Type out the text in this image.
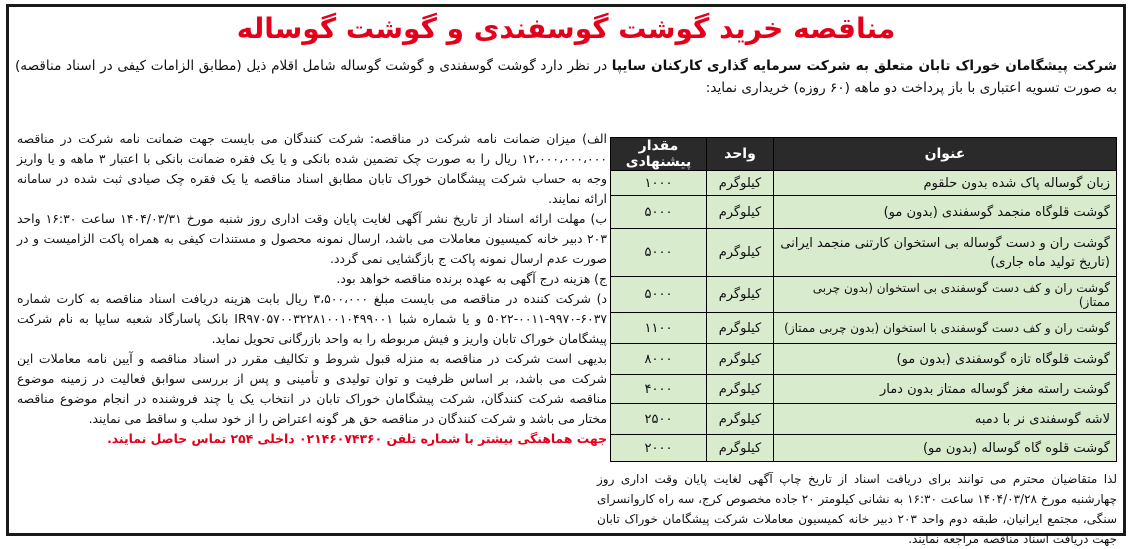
مناقصه خرید گوشت گوسفندی و گوشت گوساله
شرکت پیشگامان خوراک تابان متعلق به شرکت سرمایه گذاری کارکنان سایپا در نظر دارد گوشت گوسفندی و گوشت گوساله شامل اقلام ذیل (مطابق الزامات کیفی در اسناد مناقصه) به صورت تسویه اعتباری با باز پرداخت دو ماهه (۶۰ روزه) خریداری نماید:
عنوان	واحد	مقدار پیشنهادی
زبان گوساله پاک شده بدون حلقوم	کیلوگرم	۱۰۰۰
گوشت قلوگاه منجمد گوسفندی (بدون مو)	کیلوگرم	۵۰۰۰
گوشت ران و دست گوساله بی استخوان کارتنی منجمد ایرانی (تاریخ تولید ماه جاری)	کیلوگرم	۵۰۰۰
گوشت ران و کف دست گوسفندی بی استخوان (بدون چربی ممتاز)	کیلوگرم	۵۰۰۰
گوشت ران و کف دست گوسفندی با استخوان (بدون چربی ممتاز)	کیلوگرم	۱۱۰۰
گوشت قلوگاه تازه گوسفندی (بدون مو)	کیلوگرم	۸۰۰۰
گوشت راسته مغز گوساله ممتاز بدون دمار	کیلوگرم	۴۰۰۰
لاشه گوسفندی نر با دمبه	کیلوگرم	۲۵۰۰
گوشت قلوه گاه گوساله (بدون مو)	کیلوگرم	۲۰۰۰
الف) میزان ضمانت نامه شرکت در مناقصه: شرکت کنندگان می بایست جهت ضمانت نامه شرکت در مناقصه ۱۲،۰۰۰،۰۰۰،۰۰۰ ریال را به صورت چک تضمین شده بانکی و یا یک فقره ضمانت بانکی با اعتبار ۳ ماهه و یا واریز وجه به حساب شرکت پیشگامان خوراک تابان مطابق اسناد مناقصه یا یک فقره چک صیادی ثبت شده در سامانه ارائه نمایند.
ب) مهلت ارائه اسناد از تاریخ نشر آگهی لغایت پایان وقت اداری روز شنبه مورخ ۱۴۰۴/۰۳/۳۱ ساعت ۱۶:۳۰ واحد ۲۰۳ دبیر خانه کمیسیون معاملات می باشد، ارسال نمونه محصول و مستندات کیفی به همراه پاکت الزامیست و در صورت عدم ارسال نمونه پاکت ج بازگشایی نمی گردد.
ج) هزینه درج آگهی به عهده برنده مناقصه خواهد بود.
د) شرکت کننده در مناقصه می بایست مبلغ ۳،۵۰۰،۰۰۰ ریال بابت هزینه دریافت اسناد مناقصه به کارت شماره ۶۰۳۷-۹۹۷۰-۰۰۱۱-۵۰۲۲ و یا شماره شبا IR۹۷۰۵۷۰۰۳۲۲۸۱۰۰۱۰۴۹۹۰۰۱ بانک پاسارگاد شعبه سایپا به نام شرکت پیشگامان خوراک تابان واریز و فیش مربوطه را به واحد بازرگانی تحویل نماید.
بدیهی است شرکت در مناقصه به منزله قبول شروط و تکالیف مقرر در اسناد مناقصه و آیین نامه معاملات این شرکت می باشد، بر اساس ظرفیت و توان تولیدی و تأمینی و پس از بررسی سوابق فعالیت در زمینه موضوع مناقصه شرکت کنندگان، شرکت پیشگامان خوراک تابان در انتخاب یک یا چند فروشنده در انجام موضوع مناقصه مختار می باشد و شرکت کنندگان در مناقصه حق هر گونه اعتراض را از خود سلب و ساقط می نمایند.
جهت هماهنگی بیشتر با شماره تلفن ۰۲۱۴۶۰۷۴۳۶۰ داخلی ۲۵۴ تماس حاصل نمایند.
لذا متقاضیان محترم می توانند برای دریافت اسناد از تاریخ چاپ آگهی لغایت پایان وقت اداری روز چهارشنبه مورخ ۱۴۰۴/۰۳/۲۸ ساعت ۱۶:۳۰ به نشانی کیلومتر ۲۰ جاده مخصوص کرج، سه راه کاروانسرای سنگی، مجتمع ایرانیان، طبقه دوم واحد ۲۰۳ دبیر خانه کمیسیون معاملات شرکت پیشگامان خوراک تابان جهت دریافت اسناد مناقصه مراجعه نمایند.
